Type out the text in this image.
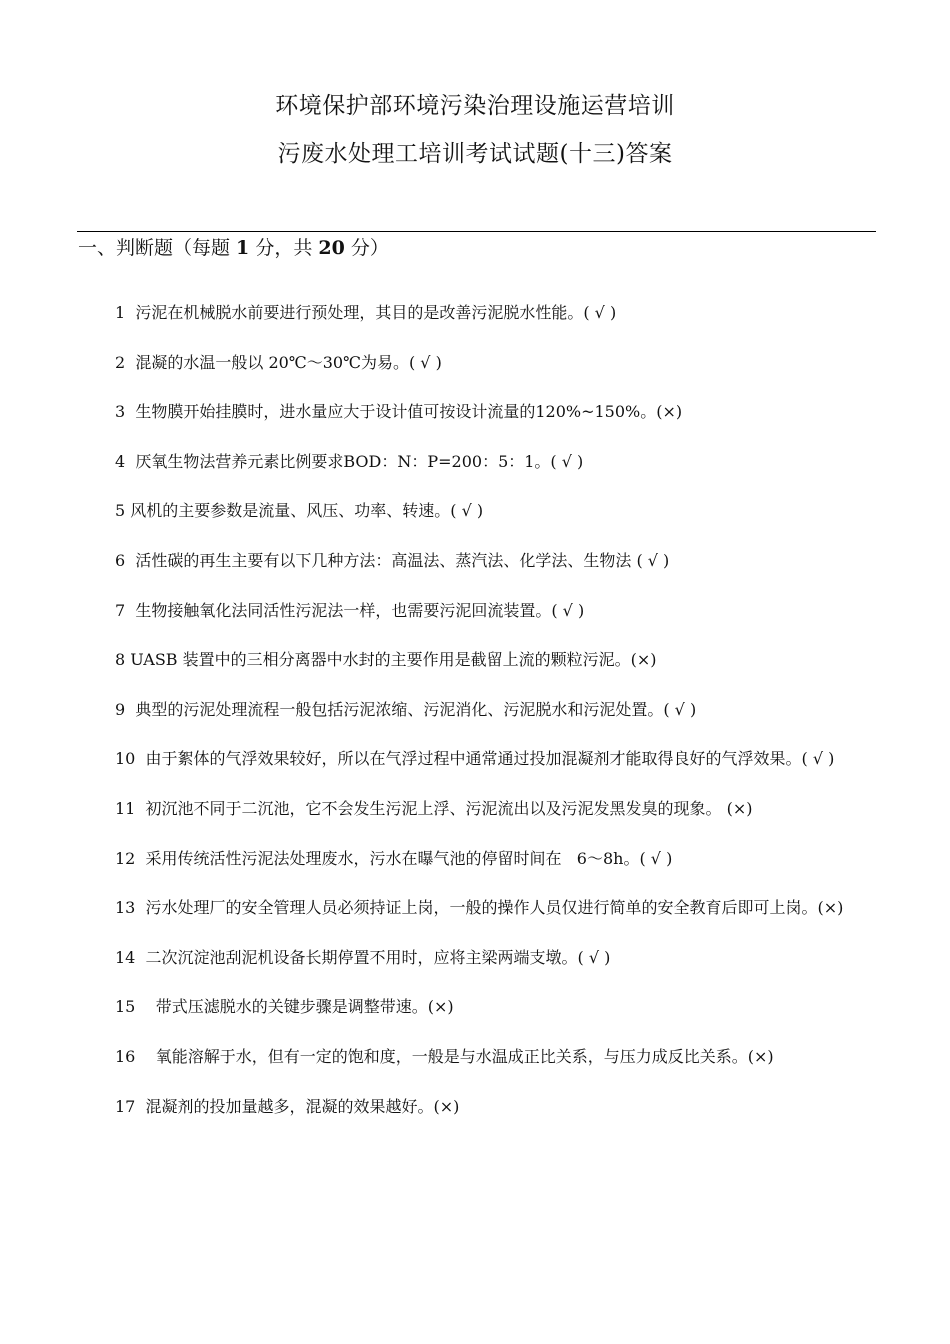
环境保护部环境污染治理设施运营培训
污废水处理工培训考试试题(十三)答案
一、判断题（每题 1 分，共 20 分）

1  污泥在机械脱水前要进行预处理，其目的是改善污泥脱水性能。( √ )

2  混凝的水温一般以 20℃～30℃为易。( √ )

3  生物膜开始挂膜时，进水量应大于设计值可按设计流量的120%~150%。(×)

4  厌氧生物法营养元素比例要求BOD：N：P=200：5：1。( √ )

5 风机的主要参数是流量、风压、功率、转速。( √ )

6  活性碳的再生主要有以下几种方法：高温法、蒸汽法、化学法、生物法 ( √ )

7  生物接触氧化法同活性污泥法一样，也需要污泥回流装置。( √ )

8 UASB 装置中的三相分离器中水封的主要作用是截留上流的颗粒污泥。(×)

9  典型的污泥处理流程一般包括污泥浓缩、污泥消化、污泥脱水和污泥处置。( √ )

10  由于絮体的气浮效果较好，所以在气浮过程中通常通过投加混凝剂才能取得良好的气浮效果。( √ )

11  初沉池不同于二沉池，它不会发生污泥上浮、污泥流出以及污泥发黑发臭的现象。 (×)

12  采用传统活性污泥法处理废水，污水在曝气池的停留时间在   6～8h。( √ )

13  污水处理厂的安全管理人员必须持证上岗，一般的操作人员仅进行简单的安全教育后即可上岗。(×)

14  二次沉淀池刮泥机设备长期停置不用时，应将主梁两端支墩。( √ )

15    带式压滤脱水的关键步骤是调整带速。(×)

16    氧能溶解于水，但有一定的饱和度，一般是与水温成正比关系，与压力成反比关系。(×)

17  混凝剂的投加量越多，混凝的效果越好。(×)
